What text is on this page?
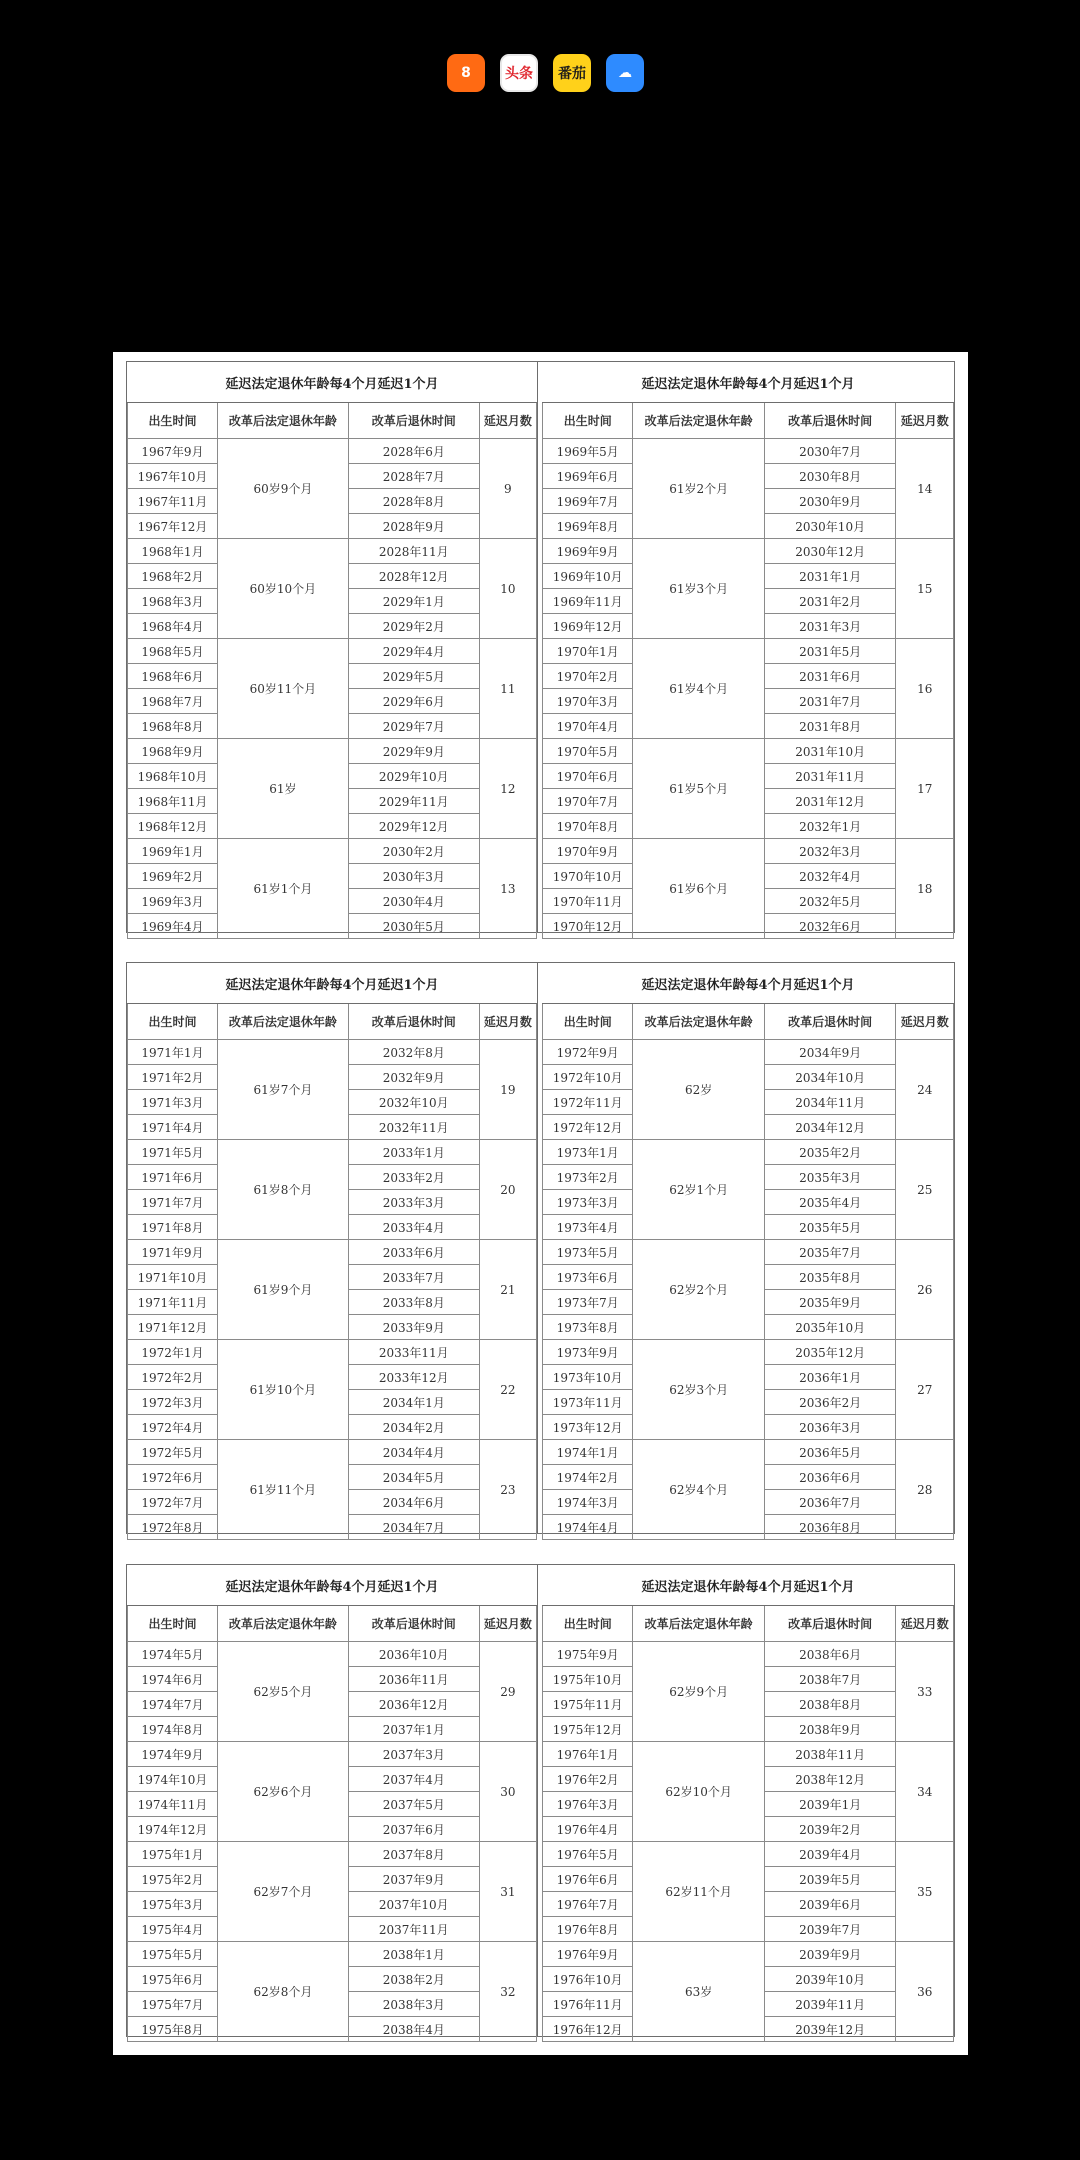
8 头条 番茄 ☁
延迟法定退休年龄每4个月延迟1个月			
出生时间	改革后法定退休年龄	改革后退休时间	延迟月数
1967年9月	60岁9个月	2028年6月	9
1967年10月		2028年7月	
1967年11月		2028年8月	
1967年12月		2028年9月	
1968年1月	60岁10个月	2028年11月	10
1968年2月		2028年12月	
1968年3月		2029年1月	
1968年4月		2029年2月	
1968年5月	60岁11个月	2029年4月	11
1968年6月		2029年5月	
1968年7月		2029年6月	
1968年8月		2029年7月	
1968年9月	61岁	2029年9月	12
1968年10月		2029年10月	
1968年11月		2029年11月	
1968年12月		2029年12月	
1969年1月	61岁1个月	2030年2月	13
1969年2月		2030年3月	
1969年3月		2030年4月	
1969年4月		2030年5月	
延迟法定退休年龄每4个月延迟1个月			
出生时间	改革后法定退休年龄	改革后退休时间	延迟月数
1969年5月	61岁2个月	2030年7月	14
1969年6月		2030年8月	
1969年7月		2030年9月	
1969年8月		2030年10月	
1969年9月	61岁3个月	2030年12月	15
1969年10月		2031年1月	
1969年11月		2031年2月	
1969年12月		2031年3月	
1970年1月	61岁4个月	2031年5月	16
1970年2月		2031年6月	
1970年3月		2031年7月	
1970年4月		2031年8月	
1970年5月	61岁5个月	2031年10月	17
1970年6月		2031年11月	
1970年7月		2031年12月	
1970年8月		2032年1月	
1970年9月	61岁6个月	2032年3月	18
1970年10月		2032年4月	
1970年11月		2032年5月	
1970年12月		2032年6月	
延迟法定退休年龄每4个月延迟1个月			
出生时间	改革后法定退休年龄	改革后退休时间	延迟月数
1971年1月	61岁7个月	2032年8月	19
1971年2月		2032年9月	
1971年3月		2032年10月	
1971年4月		2032年11月	
1971年5月	61岁8个月	2033年1月	20
1971年6月		2033年2月	
1971年7月		2033年3月	
1971年8月		2033年4月	
1971年9月	61岁9个月	2033年6月	21
1971年10月		2033年7月	
1971年11月		2033年8月	
1971年12月		2033年9月	
1972年1月	61岁10个月	2033年11月	22
1972年2月		2033年12月	
1972年3月		2034年1月	
1972年4月		2034年2月	
1972年5月	61岁11个月	2034年4月	23
1972年6月		2034年5月	
1972年7月		2034年6月	
1972年8月		2034年7月	
延迟法定退休年龄每4个月延迟1个月			
出生时间	改革后法定退休年龄	改革后退休时间	延迟月数
1972年9月	62岁	2034年9月	24
1972年10月		2034年10月	
1972年11月		2034年11月	
1972年12月		2034年12月	
1973年1月	62岁1个月	2035年2月	25
1973年2月		2035年3月	
1973年3月		2035年4月	
1973年4月		2035年5月	
1973年5月	62岁2个月	2035年7月	26
1973年6月		2035年8月	
1973年7月		2035年9月	
1973年8月		2035年10月	
1973年9月	62岁3个月	2035年12月	27
1973年10月		2036年1月	
1973年11月		2036年2月	
1973年12月		2036年3月	
1974年1月	62岁4个月	2036年5月	28
1974年2月		2036年6月	
1974年3月		2036年7月	
1974年4月		2036年8月	
延迟法定退休年龄每4个月延迟1个月			
出生时间	改革后法定退休年龄	改革后退休时间	延迟月数
1974年5月	62岁5个月	2036年10月	29
1974年6月		2036年11月	
1974年7月		2036年12月	
1974年8月		2037年1月	
1974年9月	62岁6个月	2037年3月	30
1974年10月		2037年4月	
1974年11月		2037年5月	
1974年12月		2037年6月	
1975年1月	62岁7个月	2037年8月	31
1975年2月		2037年9月	
1975年3月		2037年10月	
1975年4月		2037年11月	
1975年5月	62岁8个月	2038年1月	32
1975年6月		2038年2月	
1975年7月		2038年3月	
1975年8月		2038年4月	
延迟法定退休年龄每4个月延迟1个月			
出生时间	改革后法定退休年龄	改革后退休时间	延迟月数
1975年9月	62岁9个月	2038年6月	33
1975年10月		2038年7月	
1975年11月		2038年8月	
1975年12月		2038年9月	
1976年1月	62岁10个月	2038年11月	34
1976年2月		2038年12月	
1976年3月		2039年1月	
1976年4月		2039年2月	
1976年5月	62岁11个月	2039年4月	35
1976年6月		2039年5月	
1976年7月		2039年6月	
1976年8月		2039年7月	
1976年9月	63岁	2039年9月	36
1976年10月		2039年10月	
1976年11月		2039年11月	
1976年12月		2039年12月	
